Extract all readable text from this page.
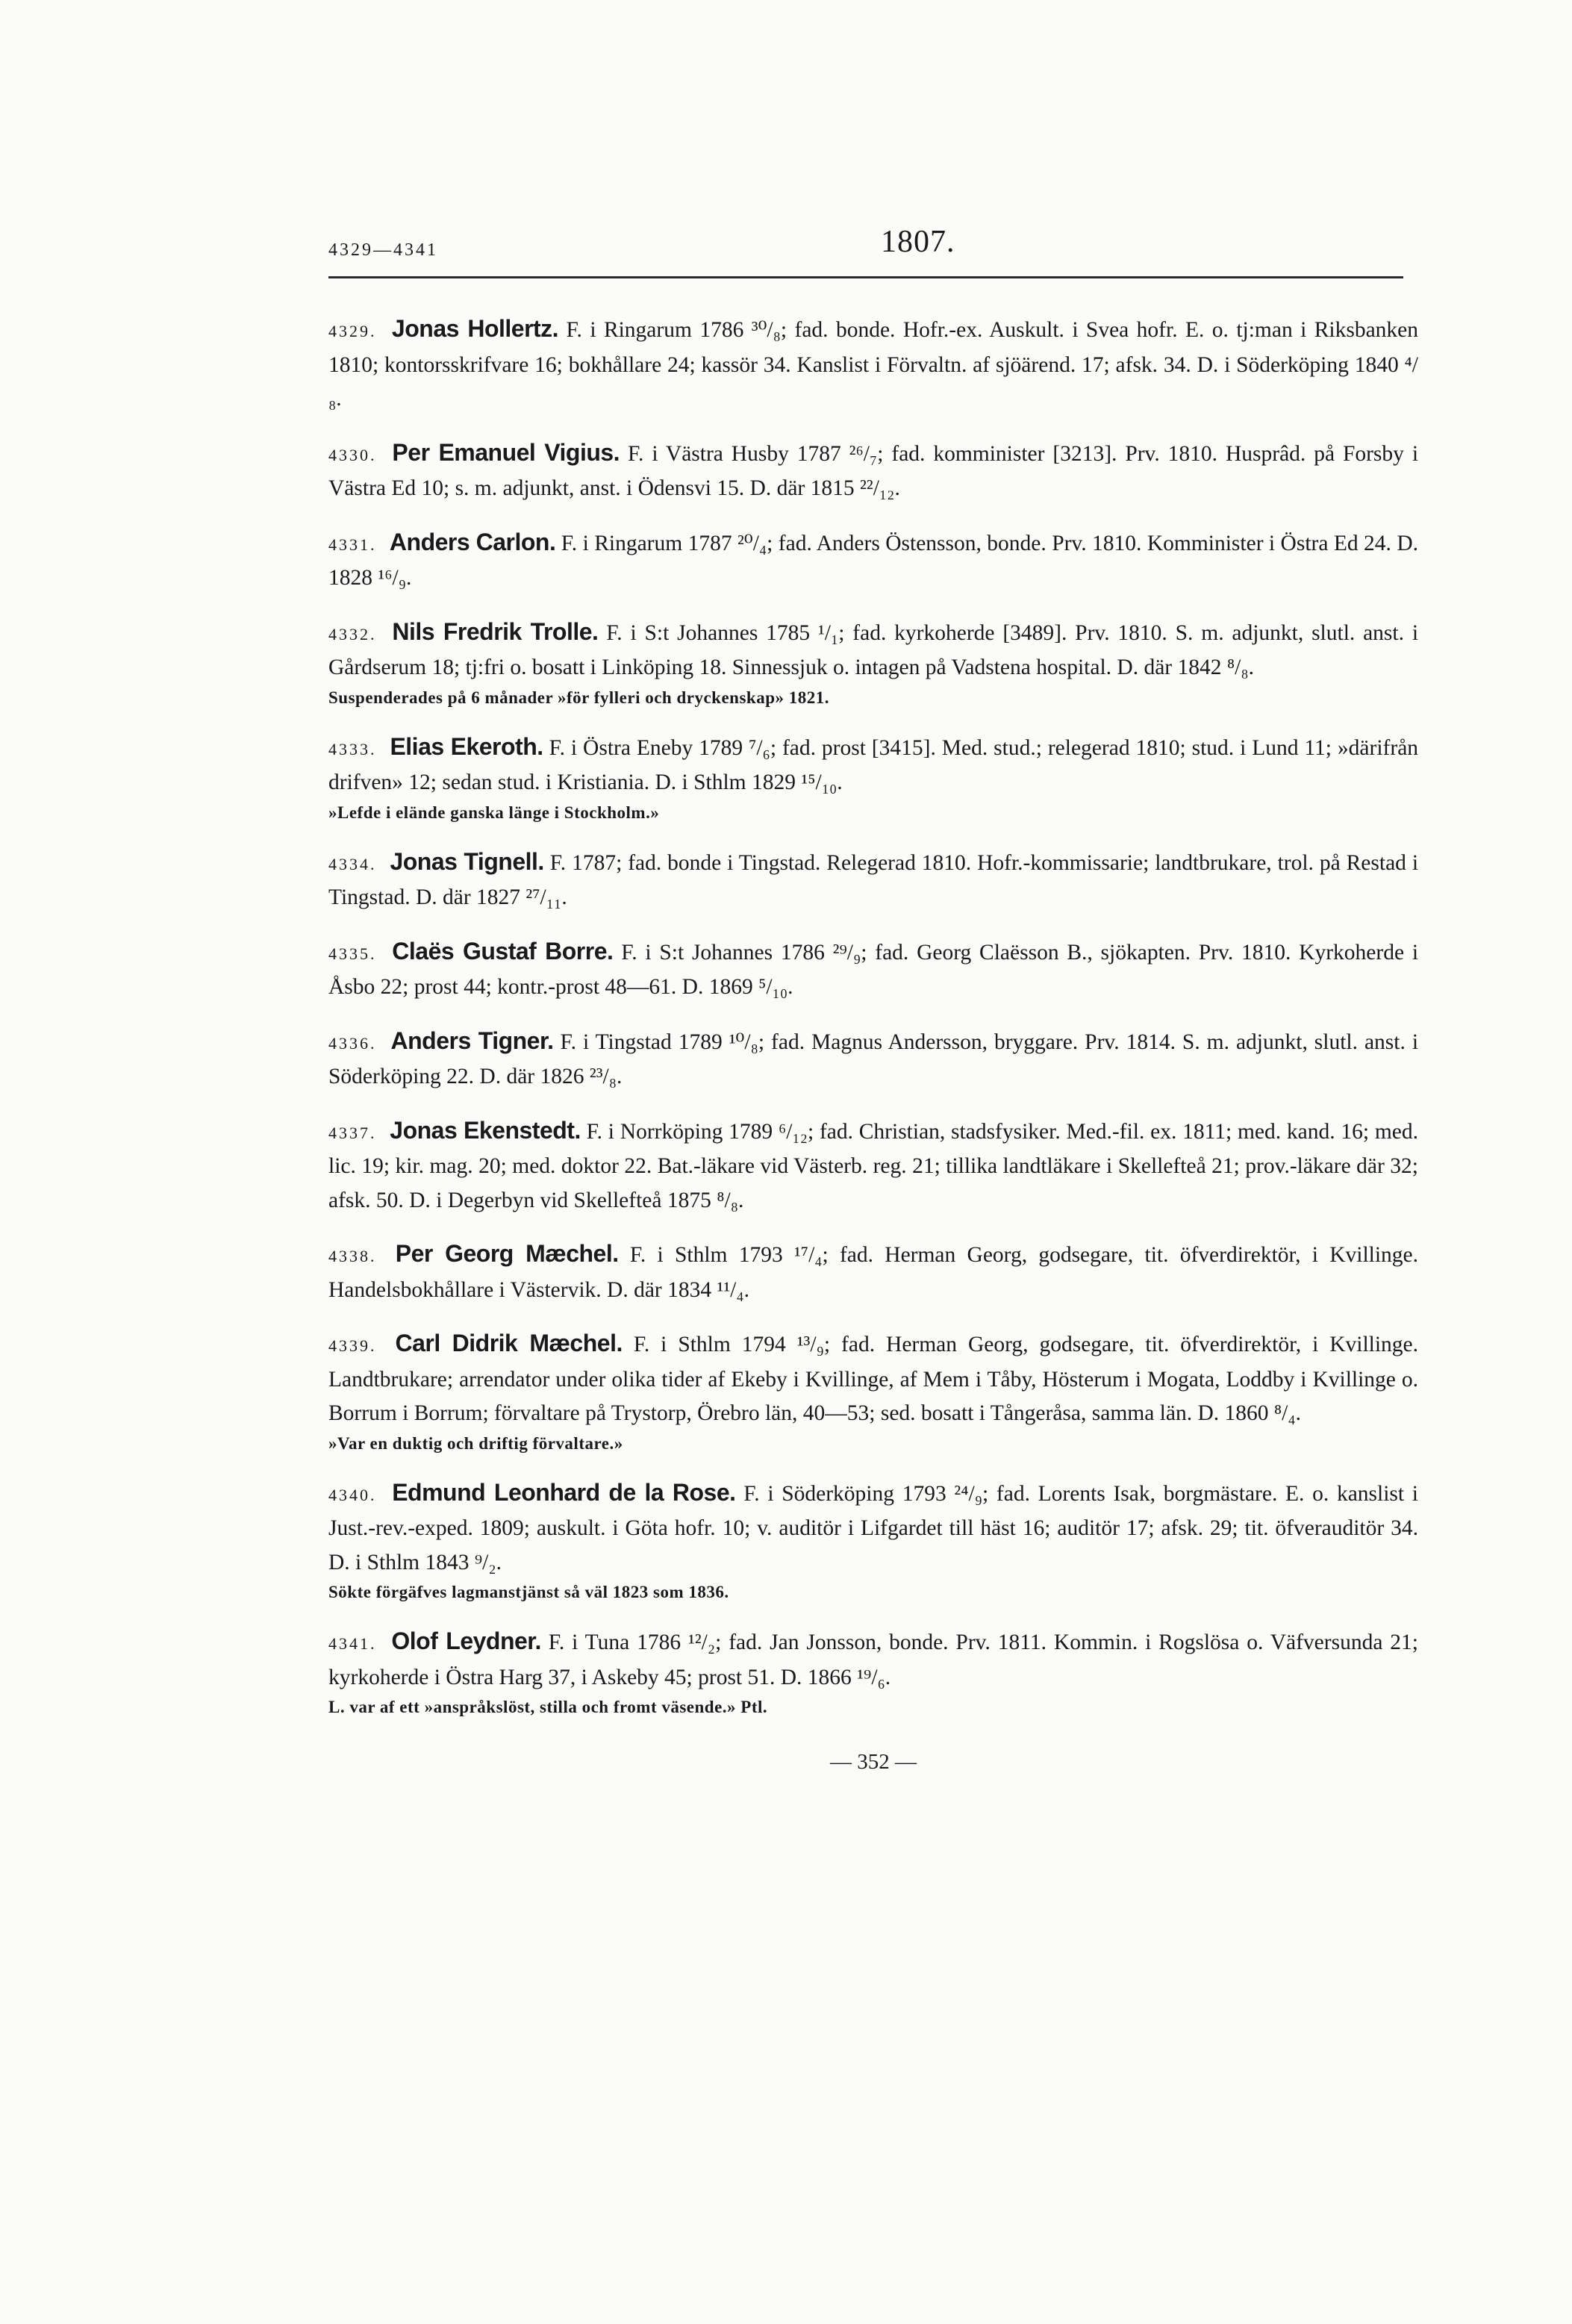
4329—4341	1807.
4329. Jonas Hollertz. F. i Ringarum 1786 ³⁰/₈; fad. bonde. Hofr.-ex. Auskult. i Svea hofr. E. o. tj:man i Riksbanken 1810; kontorsskrifvare 16; bokhållare 24; kassör 34. Kanslist i Förvaltn. af sjöärend. 17; afsk. 34. D. i Söderköping 1840 ⁴/₈.
4330. Per Emanuel Vigius. F. i Västra Husby 1787 ²⁶/₇; fad. komminister [3213]. Prv. 1810. Husprâd. på Forsby i Västra Ed 10; s. m. adjunkt, anst. i Ödensvi 15. D. där 1815 ²²/₁₂.
4331. Anders Carlon. F. i Ringarum 1787 ²⁰/₄; fad. Anders Östensson, bonde. Prv. 1810. Komminister i Östra Ed 24. D. 1828 ¹⁶/₉.
4332. Nils Fredrik Trolle. F. i S:t Johannes 1785 ¹/₁; fad. kyrkoherde [3489]. Prv. 1810. S. m. adjunkt, slutl. anst. i Gårdserum 18; tj:fri o. bosatt i Linköping 18. Sinnessjuk o. intagen på Vadstena hospital. D. där 1842 ⁸/₈.
Suspenderades på 6 månader »för fylleri och dryckenskap» 1821.
4333. Elias Ekeroth. F. i Östra Eneby 1789 ⁷/₆; fad. prost [3415]. Med. stud.; relegerad 1810; stud. i Lund 11; »därifrån drifven» 12; sedan stud. i Kristiania. D. i Sthlm 1829 ¹⁵/₁₀.
»Lefde i elände ganska länge i Stockholm.»
4334. Jonas Tignell. F. 1787; fad. bonde i Tingstad. Relegerad 1810. Hofr.-kommissarie; landtbrukare, trol. på Restad i Tingstad. D. där 1827 ²⁷/₁₁.
4335. Claës Gustaf Borre. F. i S:t Johannes 1786 ²⁹/₉; fad. Georg Claësson B., sjökapten. Prv. 1810. Kyrkoherde i Åsbo 22; prost 44; kontr.-prost 48—61. D. 1869 ⁵/₁₀.
4336. Anders Tigner. F. i Tingstad 1789 ¹⁰/₈; fad. Magnus Andersson, bryggare. Prv. 1814. S. m. adjunkt, slutl. anst. i Söderköping 22. D. där 1826 ²³/₈.
4337. Jonas Ekenstedt. F. i Norrköping 1789 ⁶/₁₂; fad. Christian, stadsfysiker. Med.-fil. ex. 1811; med. kand. 16; med. lic. 19; kir. mag. 20; med. doktor 22. Bat.-läkare vid Västerb. reg. 21; tillika landtläkare i Skellefteå 21; prov.-läkare där 32; afsk. 50. D. i Degerbyn vid Skellefteå 1875 ⁸/₈.
4338. Per Georg Mæchel. F. i Sthlm 1793 ¹⁷/₄; fad. Herman Georg, godsegare, tit. öfverdirektör, i Kvillinge. Handelsbokhållare i Västervik. D. där 1834 ¹¹/₄.
4339. Carl Didrik Mæchel. F. i Sthlm 1794 ¹³/₉; fad. Herman Georg, godsegare, tit. öfverdirektör, i Kvillinge. Landtbrukare; arrendator under olika tider af Ekeby i Kvillinge, af Mem i Tåby, Hösterum i Mogata, Loddby i Kvillinge o. Borrum i Borrum; förvaltare på Trystorp, Örebro län, 40—53; sed. bosatt i Tångeråsa, samma län. D. 1860 ⁸/₄.
»Var en duktig och driftig förvaltare.»
4340. Edmund Leonhard de la Rose. F. i Söderköping 1793 ²⁴/₉; fad. Lorents Isak, borgmästare. E. o. kanslist i Just.-rev.-exped. 1809; auskult. i Göta hofr. 10; v. auditör i Lifgardet till häst 16; auditör 17; afsk. 29; tit. öfverauditör 34. D. i Sthlm 1843 ⁹/₂.
Sökte förgäfves lagmanstjänst så väl 1823 som 1836.
4341. Olof Leydner. F. i Tuna 1786 ¹²/₂; fad. Jan Jonsson, bonde. Prv. 1811. Kommin. i Rogslösa o. Väfversunda 21; kyrkoherde i Östra Harg 37, i Askeby 45; prost 51. D. 1866 ¹⁹/₆.
L. var af ett »anspråkslöst, stilla och fromt väsende.» Ptl.
— 352 —
